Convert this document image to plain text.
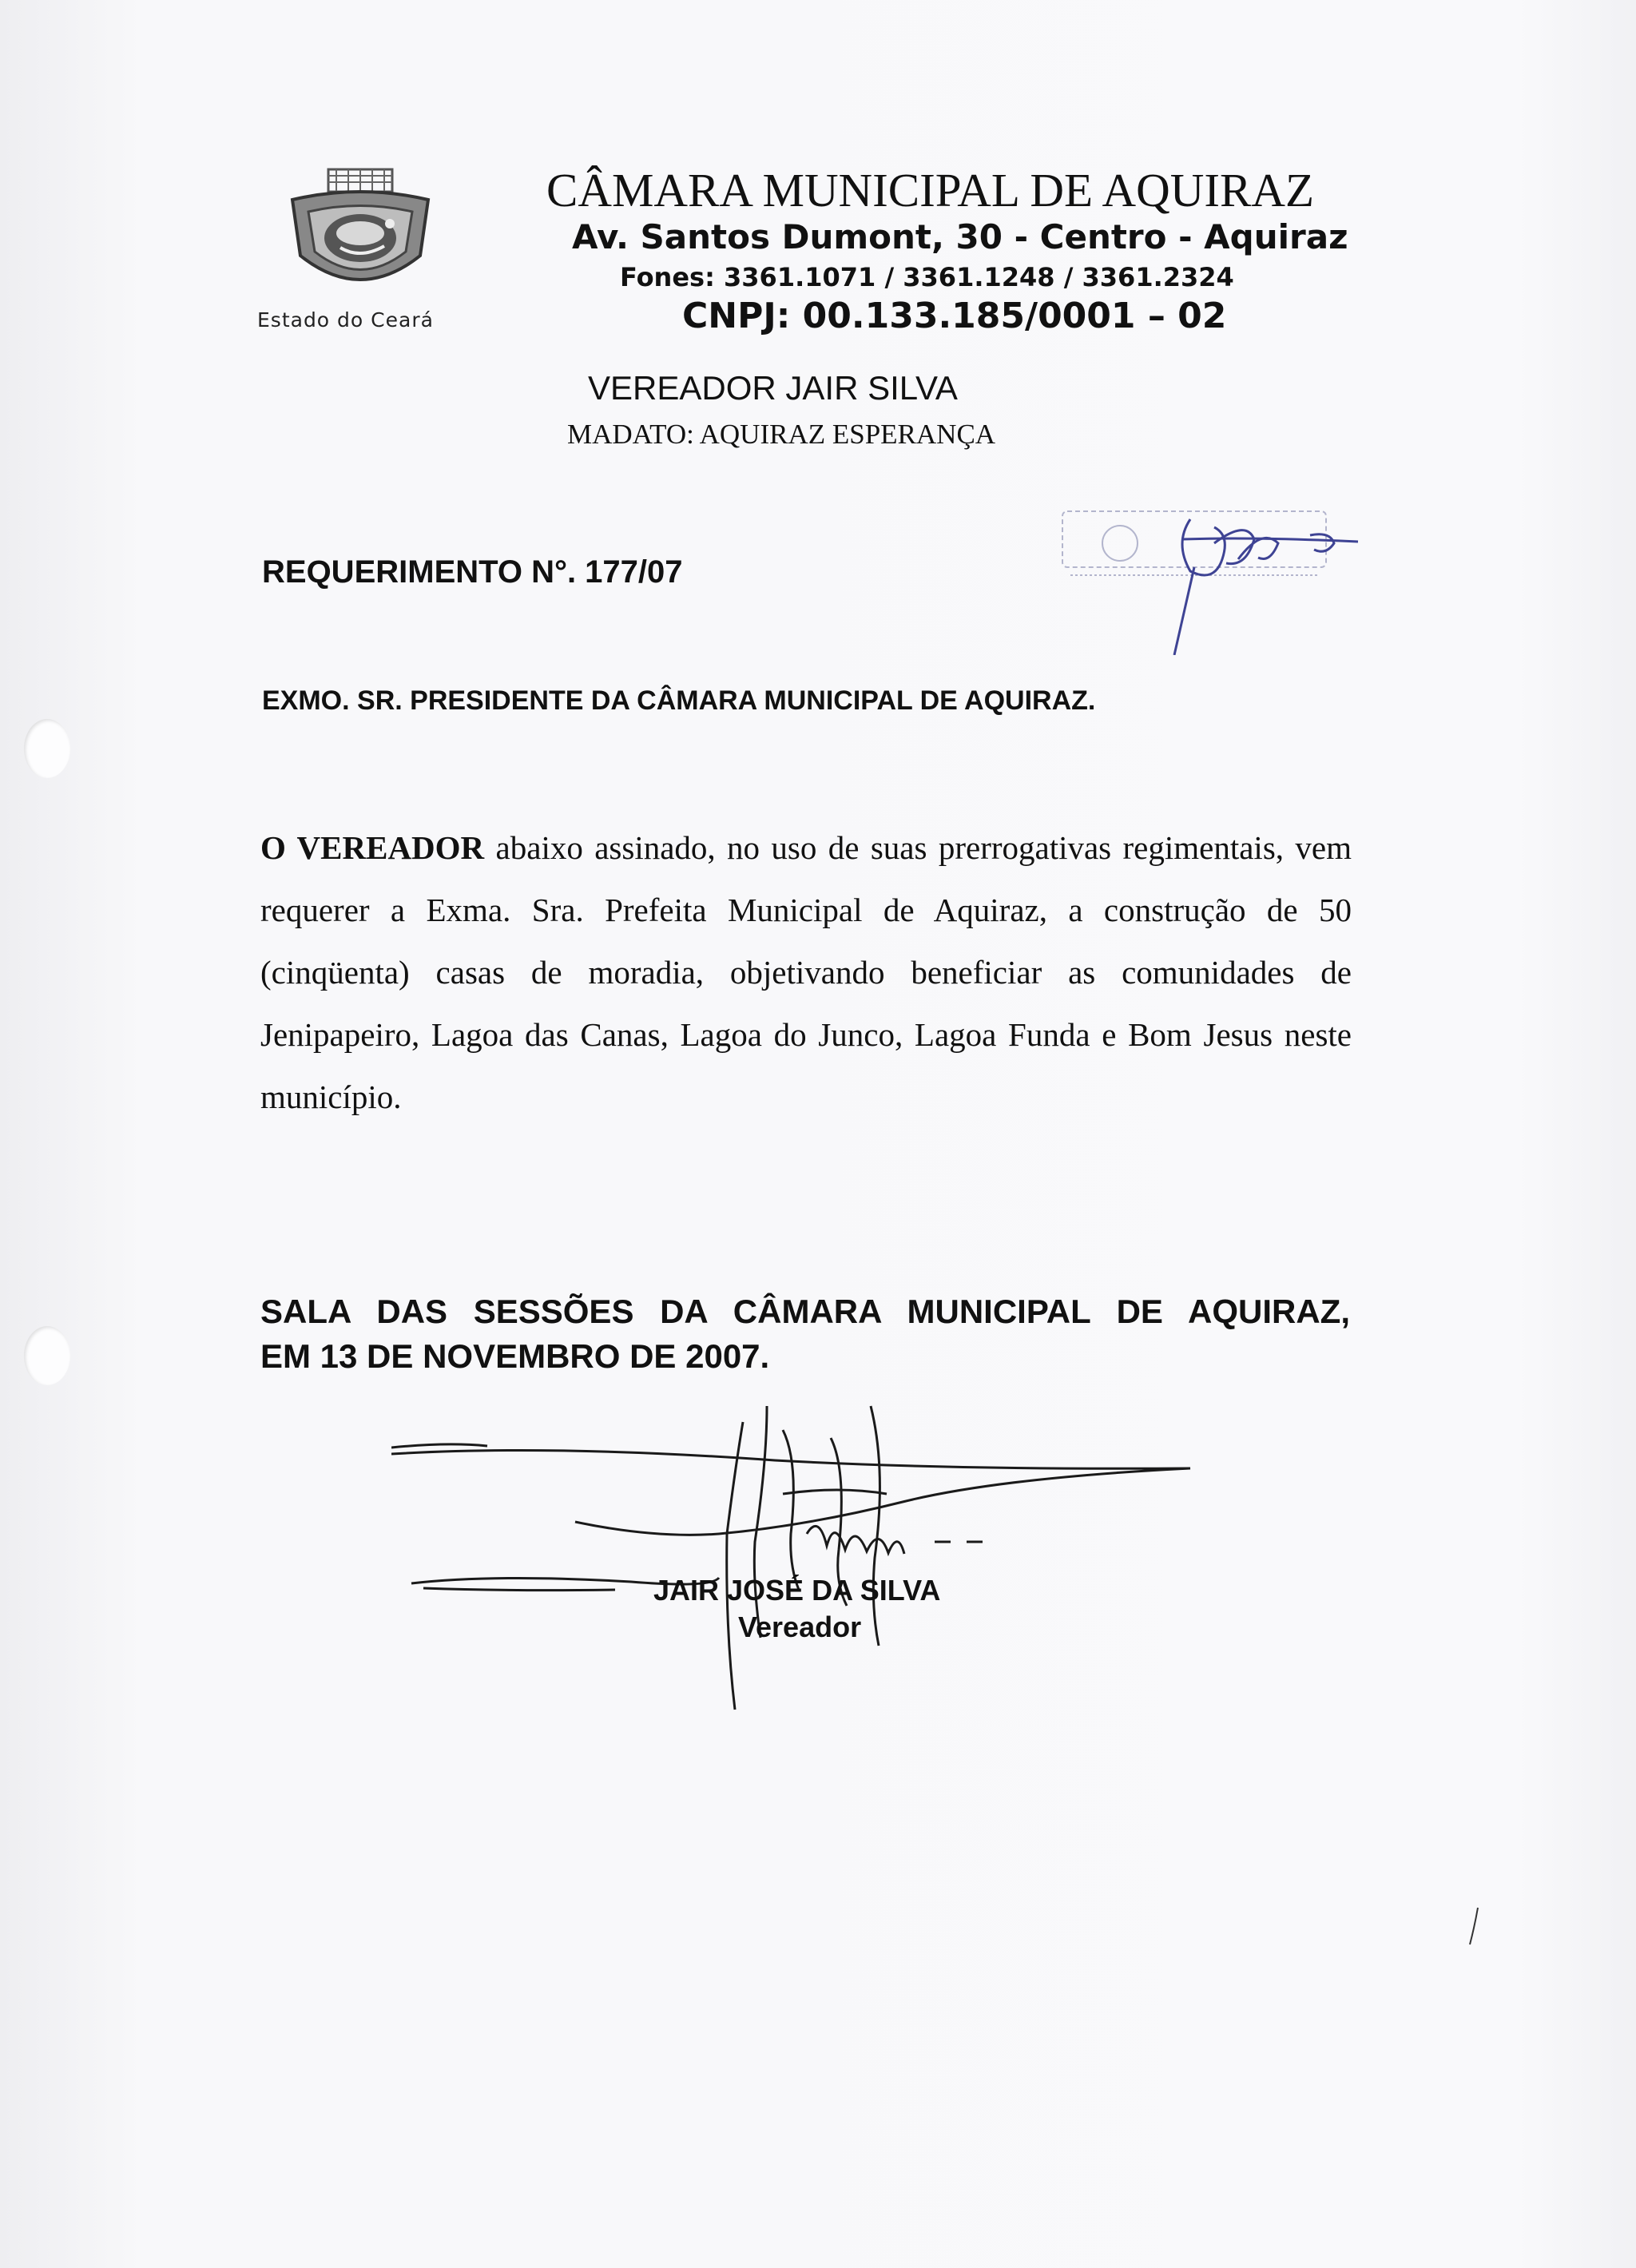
Estado do Ceará
CÂMARA MUNICIPAL DE AQUIRAZ
Av. Santos Dumont, 30 - Centro - Aquiraz
Fones: 3361.1071 / 3361.1248 / 3361.2324
CNPJ: 00.133.185/0001 – 02
VEREADOR JAIR SILVA
MADATO: AQUIRAZ ESPERANÇA
REQUERIMENTO N°. 177/07
EXMO. SR. PRESIDENTE DA CÂMARA MUNICIPAL DE AQUIRAZ.
O VEREADOR abaixo assinado, no uso de suas prerrogativas regimentais, vem requerer a Exma. Sra. Prefeita Municipal de Aquiraz, a construção de 50 (cinqüenta) casas de moradia, objetivando beneficiar as comunidades de Jenipapeiro, Lagoa das Canas, Lagoa do Junco, Lagoa Funda e Bom Jesus neste município.
SALA DAS SESSÕES DA CÂMARA MUNICIPAL DE AQUIRAZ,
EM 13 DE NOVEMBRO DE 2007.
JAIR JOSÉ DA SILVA
Vereador
